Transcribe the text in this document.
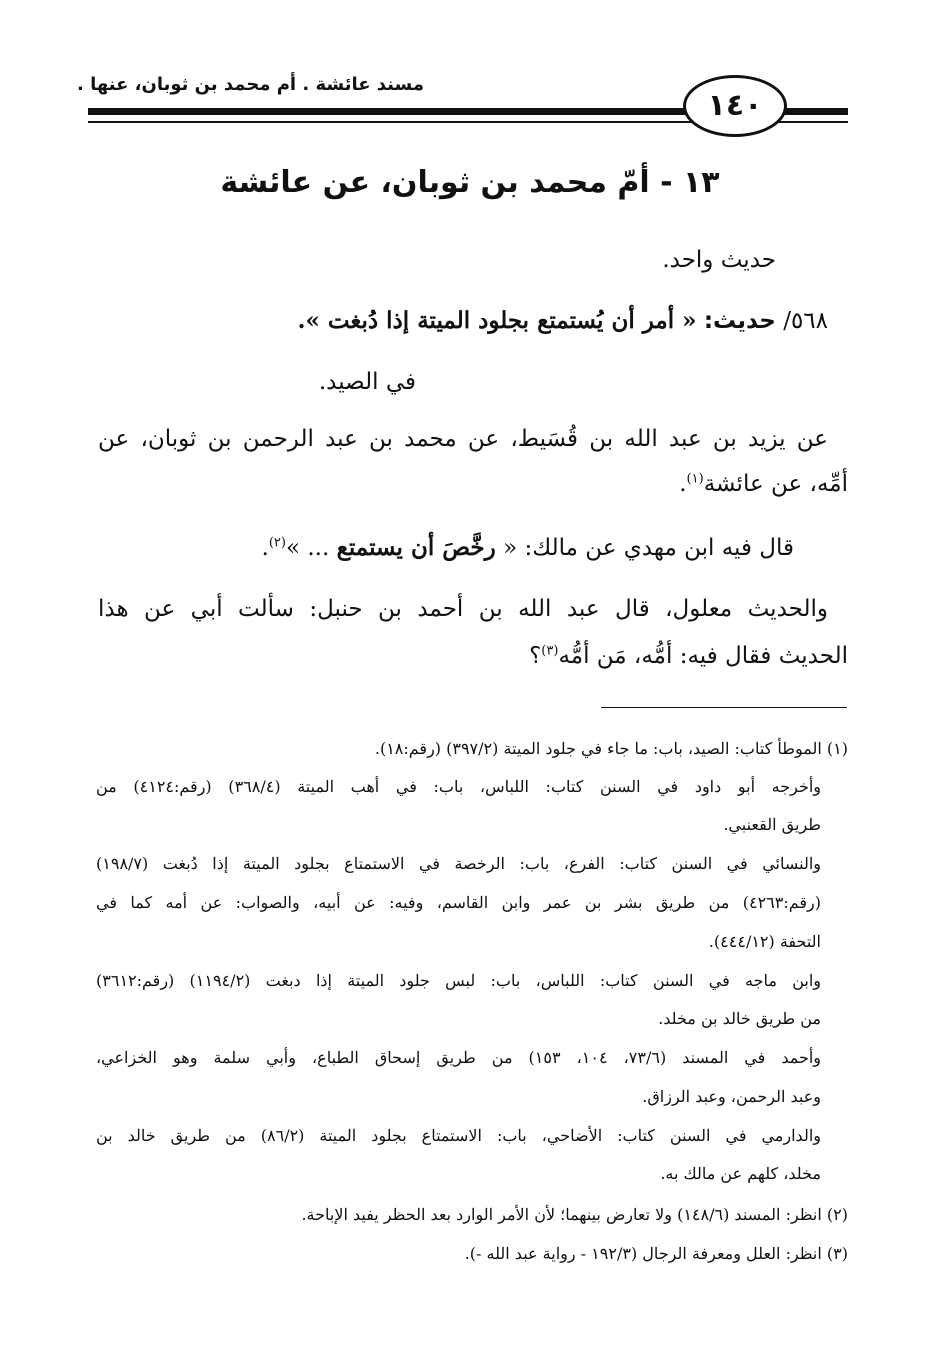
مسند عائشة . أم محمد بن ثوبان، عنها .
١٤٠
١٣ - أمّ محمد بن ثوبان، عن عائشة
حديث واحد.
٥٦٨/ حديث: « أمر أن يُستمتع بجلود الميتة إذا دُبغت ».
في الصيد.
عن يزيد بن عبد الله بن قُسَيط، عن محمد بن عبد الرحمن بن ثوبان، عن
أمِّه، عن عائشة$^{(١)}$.
قال فيه ابن مهدي عن مالك: « رخَّصَ أن يستمتع ... »$^{(٢)}$.
والحديث معلول، قال عبد الله بن أحمد بن حنبل: سألت أبي عن هذا
الحديث فقال فيه: أمُّه، مَن أمُّه$^{(٣)}$؟
(١) الموطأ كتاب: الصيد، باب: ما جاء في جلود الميتة (٣٩٧/٢) (رقم:١٨).
وأخرجه أبو داود في السنن كتاب: اللباس، باب: في أهب الميتة (٣٦٨/٤) (رقم:٤١٢٤) من
طريق القعنبي.
والنسائي في السنن كتاب: الفرع، باب: الرخصة في الاستمتاع بجلود الميتة إذا دُبغت (١٩٨/٧)
(رقم:٤٢٦٣) من طريق بشر بن عمر وابن القاسم، وفيه: عن أبيه، والصواب: عن أمه كما في
التحفة (٤٤٤/١٢).
وابن ماجه في السنن كتاب: اللباس، باب: لبس جلود الميتة إذا دبغت (١١٩٤/٢) (رقم:٣٦١٢)
من طريق خالد بن مخلد.
وأحمد في المسند (٧٣/٦، ١٠٤، ١٥٣) من طريق إسحاق الطباع، وأبي سلمة وهو الخزاعي،
وعبد الرحمن، وعبد الرزاق.
والدارمي في السنن كتاب: الأضاحي، باب: الاستمتاع بجلود الميتة (٨٦/٢) من طريق خالد بن
مخلد، كلهم عن مالك به.
(٢) انظر: المسند (١٤٨/٦) ولا تعارض بينهما؛ لأن الأمر الوارد بعد الحظر يفيد الإباحة.
(٣) انظر: العلل ومعرفة الرجال (١٩٢/٣ - رواية عبد الله -).
